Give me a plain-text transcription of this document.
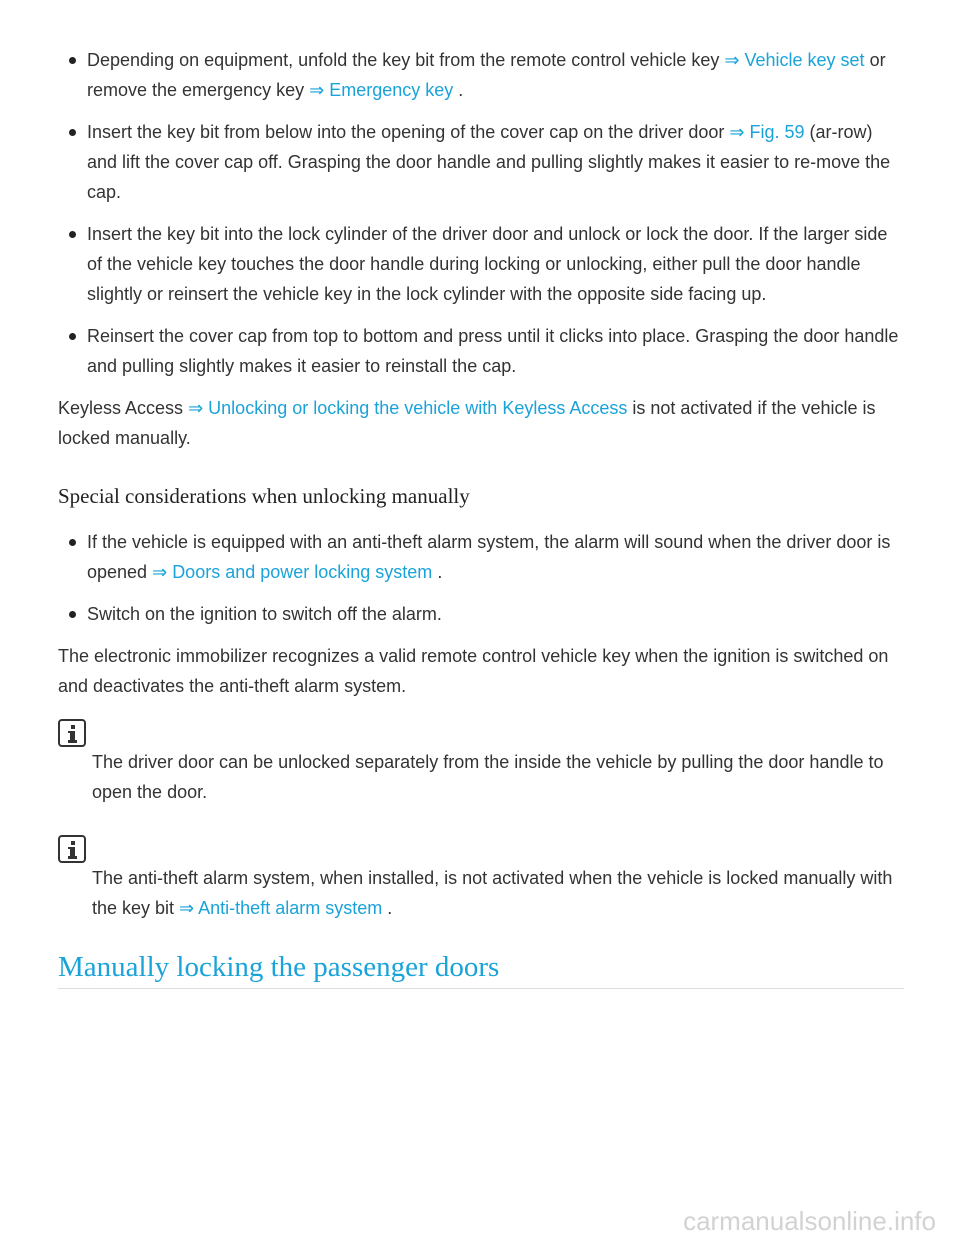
Depending on equipment, unfold the key bit from the remote control vehicle key ⇒ Vehicle key set or remove the emergency key ⇒ Emergency key .
Insert the key bit from below into the opening of the cover cap on the driver door ⇒ Fig. 59 (ar-row) and lift the cover cap off. Grasping the door handle and pulling slightly makes it easier to re-move the cap.
Insert the key bit into the lock cylinder of the driver door and unlock or lock the door. If the larger side of the vehicle key touches the door handle during locking or unlocking, either pull the door handle slightly or reinsert the vehicle key in the lock cylinder with the opposite side facing up.
Reinsert the cover cap from top to bottom and press until it clicks into place. Grasping the door handle and pulling slightly makes it easier to reinstall the cap.

Keyless Access ⇒ Unlocking or locking the vehicle with Keyless Access is not activated if the vehicle is locked manually.

Special considerations when unlocking manually
If the vehicle is equipped with an anti-theft alarm system, the alarm will sound when the driver door is opened ⇒ Doors and power locking system .
Switch on the ignition to switch off the alarm.

The electronic immobilizer recognizes a valid remote control vehicle key when the ignition is switched on and deactivates the anti-theft alarm system.

The driver door can be unlocked separately from the inside the vehicle by pulling the door handle to open the door.

The anti-theft alarm system, when installed, is not activated when the vehicle is locked manually with the key bit ⇒ Anti-theft alarm system .

Manually locking the passenger doors
carmanualsonline.info
